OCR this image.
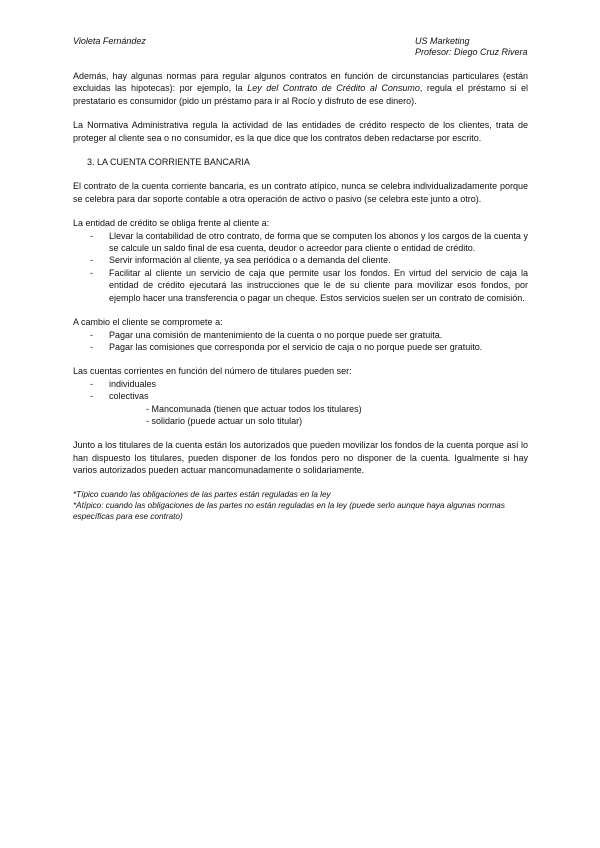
Violeta Fernández	US Marketing
Profesor: Diego Cruz Rivera

Además, hay algunas normas para regular algunos contratos en función de circunstancias particulares (están excluidas las hipotecas): por ejemplo, la Ley del Contrato de Crédito al Consumo, regula el préstamo si el prestatario es consumidor (pido un préstamo para ir al Rocío y disfruto de ese dinero).

La Normativa Administrativa regula la actividad de las entidades de crédito respecto de los clientes, trata de proteger al cliente sea o no consumidor, es la que dice que los contratos deben redactarse por escrito.

3. LA CUENTA CORRIENTE BANCARIA

El contrato de la cuenta corriente bancaria, es un contrato atípico, nunca se celebra individualizadamente porque se celebra para dar soporte contable a otra operación de activo o pasivo (se celebra este junto a otro).

La entidad de crédito se obliga frente al cliente a:

- Llevar la contabilidad de otro contrato, de forma que se computen los abonos y los cargos de la cuenta y se calcule un saldo final de esa cuenta, deudor o acreedor para cliente o entidad de crédito.
- Servir información al cliente, ya sea periódica o a demanda del cliente.
- Facilitar al cliente un servicio de caja que permite usar los fondos. En virtud del servicio de caja la entidad de crédito ejecutará las instrucciones que le de su cliente para movilizar esos fondos, por ejemplo hacer una transferencia o pagar un cheque. Estos servicios suelen ser un contrato de comisión.

A cambio el cliente se compromete a:

- Pagar una comisión de mantenimiento de la cuenta o no porque puede ser gratuita.
- Pagar las comisiones que corresponda por el servicio de caja o no porque puede ser gratuito.

Las cuentas corrientes en función del número de titulares pueden ser:

- individuales
- colectivas

- Mancomunada (tienen que actuar todos los titulares)

- solidario (puede actuar un solo titular)

Junto a los titulares de la cuenta están los autorizados que pueden movilizar los fondos de la cuenta porque así lo han dispuesto los titulares, pueden disponer de los fondos pero no disponer de la cuenta. Igualmente si hay varios autorizados pueden actuar mancomunadamente o solidariamente.

*Típico cuando las obligaciones de las partes están reguladas en la ley
*Atípico: cuando las obligaciones de las partes no están reguladas en la ley (puede serlo aunque haya algunas normas específicas para ese contrato)
